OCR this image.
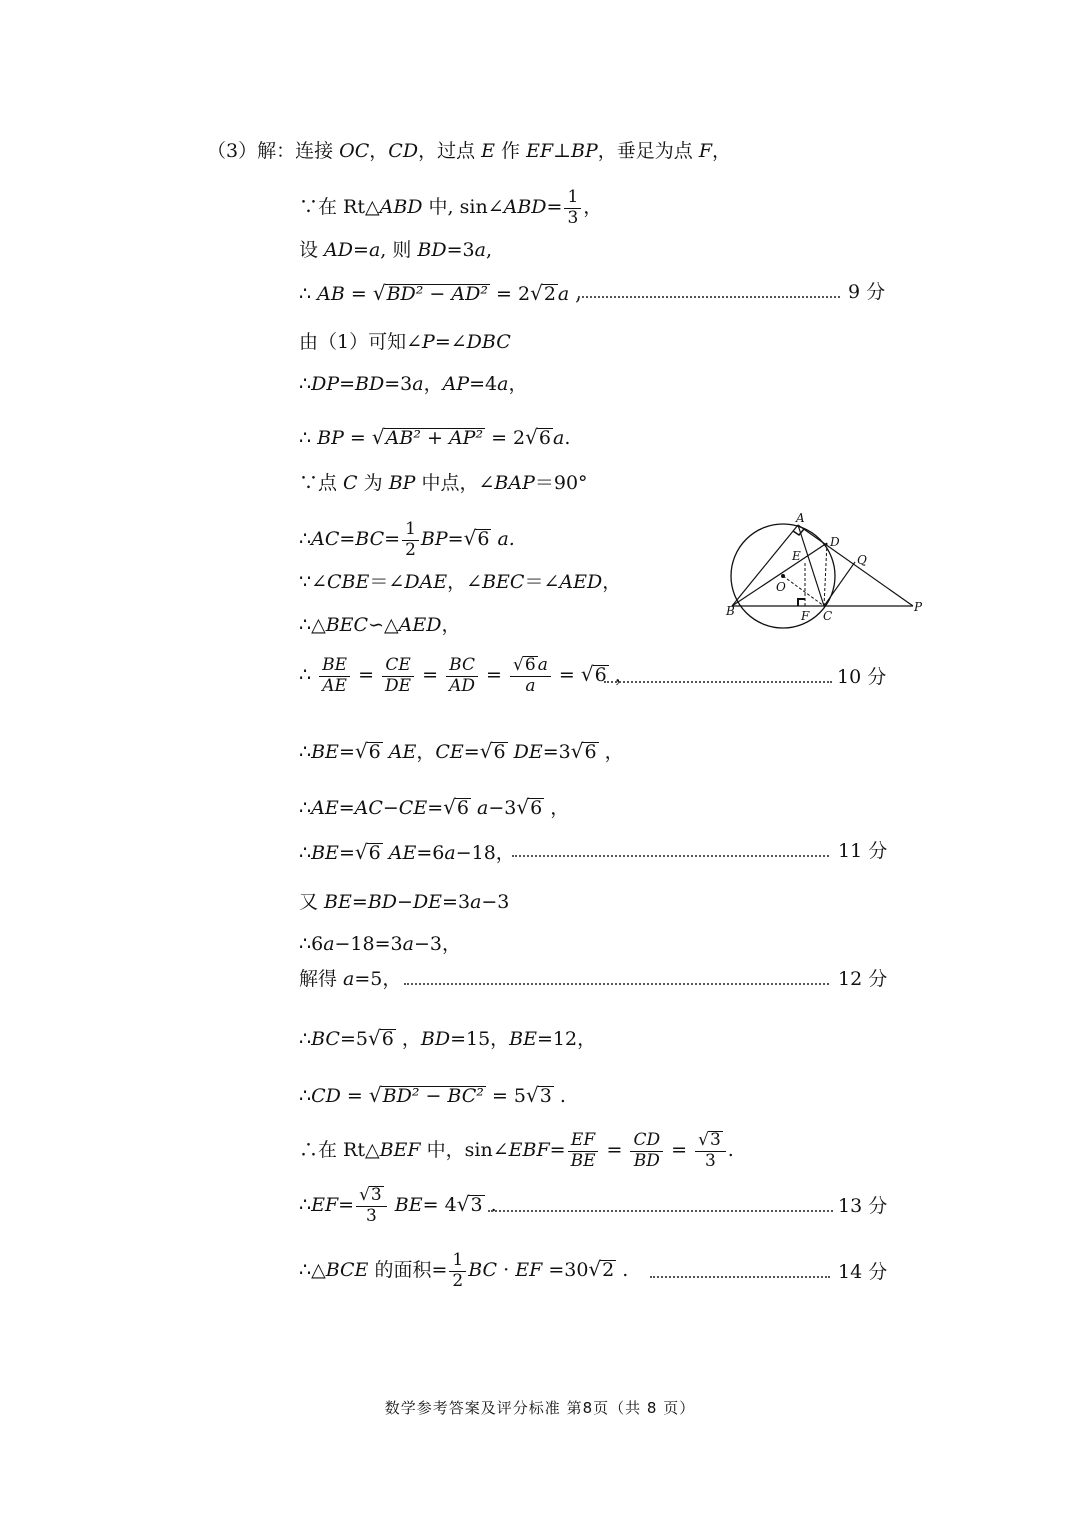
（3）解：连接 OC，CD，过点 E 作 EF⊥BP，垂足为点 F，
∵在 Rt△ABD 中, sin∠ABD= $\frac{1}{3}$ ，
设 AD=a, 则 BD=3a,
∴ AB = √BD² − AD² = 2√2 a ,	9 分
由（1）可知∠P=∠DBC
∴DP=BD=3a，AP=4a，
∴ BP = √AB² + AP² = 2√6 a.
∵点 C 为 BP 中点，∠BAP＝90°
∴AC=BC= $\frac{1}{2} BP=√6$ a.
∵∠CBE＝∠DAE，∠BEC＝∠AED，
∴△BEC∽△AED，
∴ $\frac{BE}{AE} = \frac{CE}{DE} = \frac{BC}{AD} = \frac{√6 a}{a} = √6$ ，	10 分
∴BE=√6 AE，CE=√6 DE=3√6 ，
∴AE=AC−CE=√6 a−3√6 ，
∴BE=√6 AE=6a−18，	11 分
又 BE=BD−DE=3a−3
∴6a−18=3a−3，
解得 a=5，	12 分
∴BC=5√6 ，BD=15，BE=12，
∴CD = √BD² − BC² = 5√3 .
∴在 Rt△BEF 中，sin∠EBF= $\frac{EF}{BE} = \frac{CD}{BD} = \frac{√3}{3}$ .
∴EF= $\frac{√3}{3} BE= 4√3$ .	13 分
∴△BCE 的面积= $\frac{1}{2}$ BC · EF =30√2 .	14 分
A
B	C
D
E
F
O
P
Q
数学参考答案及评分标准 第8页（共 8 页）
